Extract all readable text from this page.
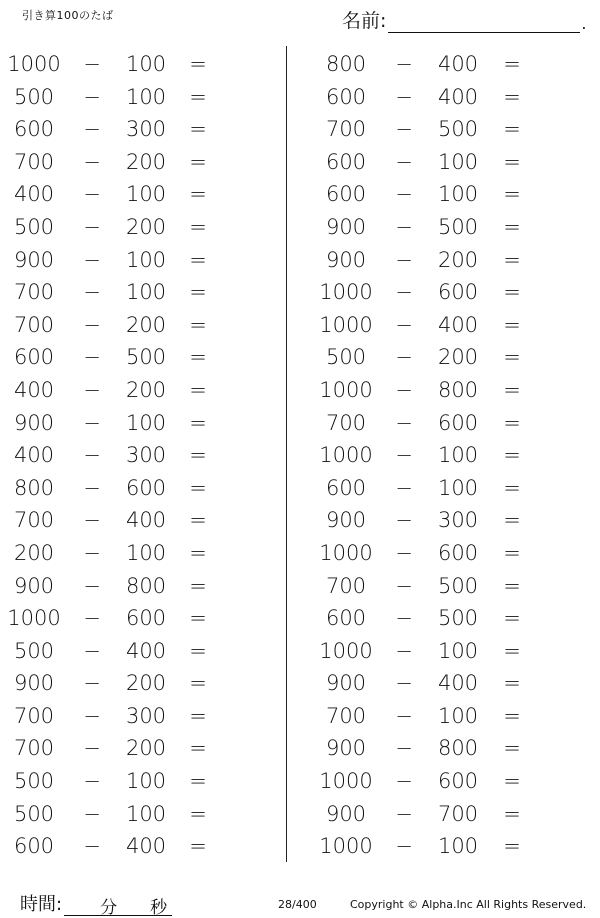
引き算100のたば	名前:	.
1000 −	100	=
500	−	100	=
600	−	300	=
700	−	200	=
400	−	100	=
500	−	200	=
900	−	100	=
700	−	100	=
700	−	200	=
600	−	500	=
400	−	200	=
900	−	100	=
400	−	300	=
800	−	600	=
700	−	400	=
200	−	100	=
900	−	800	=
1000 −	600	=
500	−	400	=
900	−	200	=
700	−	300	=
700	−	200	=
500	−	100	=
500	−	100	=
600	−	400	=
800	−	400	=
600	−	400	=
700	−	500	=
600	−	100	=
600	−	100	=
900	−	500	=
900	−	200	=
1000 −	600	=
1000 −	400	=
500	−	200	=
1000 −	800	=
700	−	600	=
1000 −	100	=
600	−	100	=
900	−	300	=
1000 −	600	=
700	−	500	=
600	−	500	=
1000 −	100	=
900	−	400	=
700	−	100	=
900	−	800	=
1000 −	600	=
900	−	700	=
1000 −	100	=
時間: 分 秒	28/400	Copyright © Alpha.Inc All Rights Reserved.
